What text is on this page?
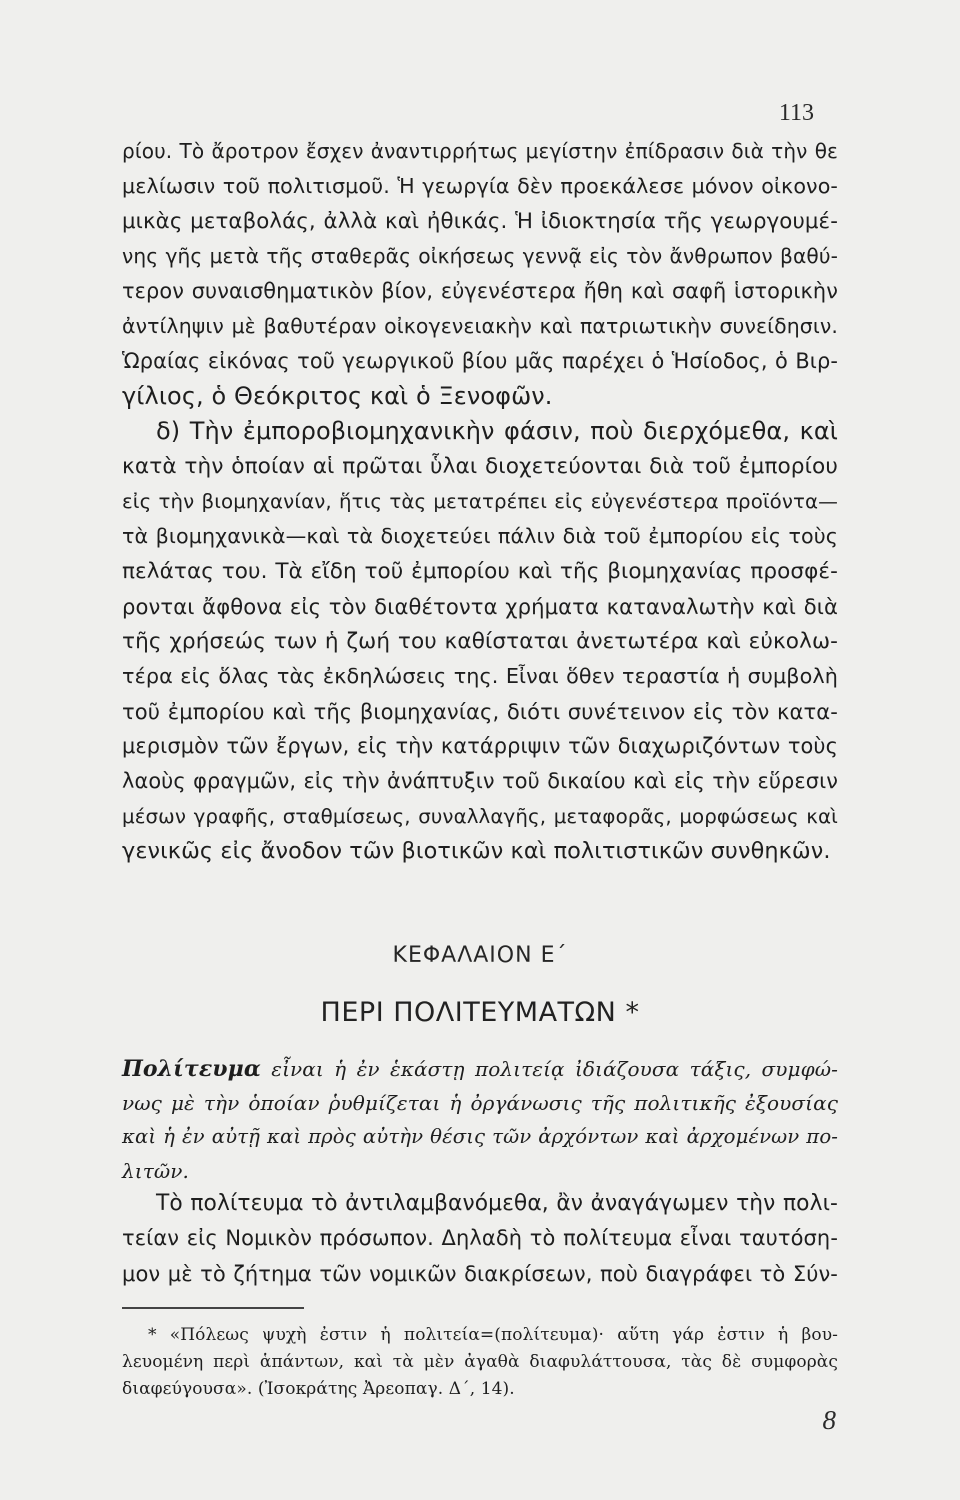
113
ρίου. Τὸ ἄροτρον ἔσχεν ἀναντιρρήτως μεγίστην ἐπίδρασιν διὰ τὴν θε
μελίωσιν τοῦ πολιτισμοῦ. Ἡ γεωργία δὲν προεκάλεσε μόνον οἰκονο-
μικὰς μεταβολάς, ἀλλὰ καὶ ἠθικάς. Ἡ ἰδιοκτησία τῆς γεωργουμέ-
νης γῆς μετὰ τῆς σταθερᾶς οἰκήσεως γεννᾷ εἰς τὸν ἄνθρωπον βαθύ-
τερον συναισθηματικὸν βίον, εὐγενέστερα ἤθη καὶ σαφῆ ἱστορικὴν
ἀντίληψιν μὲ βαθυτέραν οἰκογενειακὴν καὶ πατριωτικὴν συνείδησιν.
Ὡραίας εἰκόνας τοῦ γεωργικοῦ βίου μᾶς παρέχει ὁ Ἡσίοδος, ὁ Βιρ-
γίλιος, ὁ Θεόκριτος καὶ ὁ Ξενοφῶν.
δ) Τὴν ἐμποροβιομηχανικὴν φάσιν, ποὺ διερχόμεθα, καὶ
κατὰ τὴν ὁποίαν αἱ πρῶται ὗλαι διοχετεύονται διὰ τοῦ ἐμπορίου
εἰς τὴν βιομηχανίαν, ἥτις τὰς μετατρέπει εἰς εὐγενέστερα προϊόντα—
τὰ βιομηχανικὰ—καὶ τὰ διοχετεύει πάλιν διὰ τοῦ ἐμπορίου εἰς τοὺς
πελάτας του. Τὰ εἴδη τοῦ ἐμπορίου καὶ τῆς βιομηχανίας προσφέ-
ρονται ἄφθονα εἰς τὸν διαθέτοντα χρήματα καταναλωτὴν καὶ διὰ
τῆς χρήσεώς των ἡ ζωή του καθίσταται ἀνετωτέρα καὶ εὐκολω-
τέρα εἰς ὅλας τὰς ἐκδηλώσεις της. Εἶναι ὅθεν τεραστία ἡ συμβολὴ
τοῦ ἐμπορίου καὶ τῆς βιομηχανίας, διότι συνέτεινον εἰς τὸν κατα-
μερισμὸν τῶν ἔργων, εἰς τὴν κατάρριψιν τῶν διαχωριζόντων τοὺς
λαοὺς φραγμῶν, εἰς τὴν ἀνάπτυξιν τοῦ δικαίου καὶ εἰς τὴν εὕρεσιν
μέσων γραφῆς, σταθμίσεως, συναλλαγῆς, μεταφορᾶς, μορφώσεως καὶ
γενικῶς εἰς ἄνοδον τῶν βιοτικῶν καὶ πολιτιστικῶν συνθηκῶν.
ΚΕΦΑΛΑΙΟΝ Ε΄
ΠΕΡΙ ΠΟΛΙΤΕΥΜΑΤΩΝ *
Πολίτευμα εἶναι ἡ ἐν ἑκάστῃ πολιτείᾳ ἰδιάζουσα τάξις, συμφώ-
νως μὲ τὴν ὁποίαν ῥυθμίζεται ἡ ὀργάνωσις τῆς πολιτικῆς ἐξουσίας
καὶ ἡ ἐν αὐτῇ καὶ πρὸς αὐτὴν θέσις τῶν ἀρχόντων καὶ ἀρχομένων πο-
λιτῶν.
Τὸ πολίτευμα τὸ ἀντιλαμβανόμεθα, ἂν ἀναγάγωμεν τὴν πολι-
τείαν εἰς Νομικὸν πρόσωπον. Δηλαδὴ τὸ πολίτευμα εἶναι ταυτόση-
μον μὲ τὸ ζήτημα τῶν νομικῶν διακρίσεων, ποὺ διαγράφει τὸ Σύν-
* «Πόλεως ψυχὴ ἐστιν ἡ πολιτεία=(πολίτευμα)· αὕτη γάρ ἐστιν ἡ βου-
λευομένη περὶ ἁπάντων, καὶ τὰ μὲν ἀγαθὰ διαφυλάττουσα, τὰς δὲ συμφορὰς
διαφεύγουσα». (Ἰσοκράτης Ἀρεοπαγ. Δ΄, 14).
8
